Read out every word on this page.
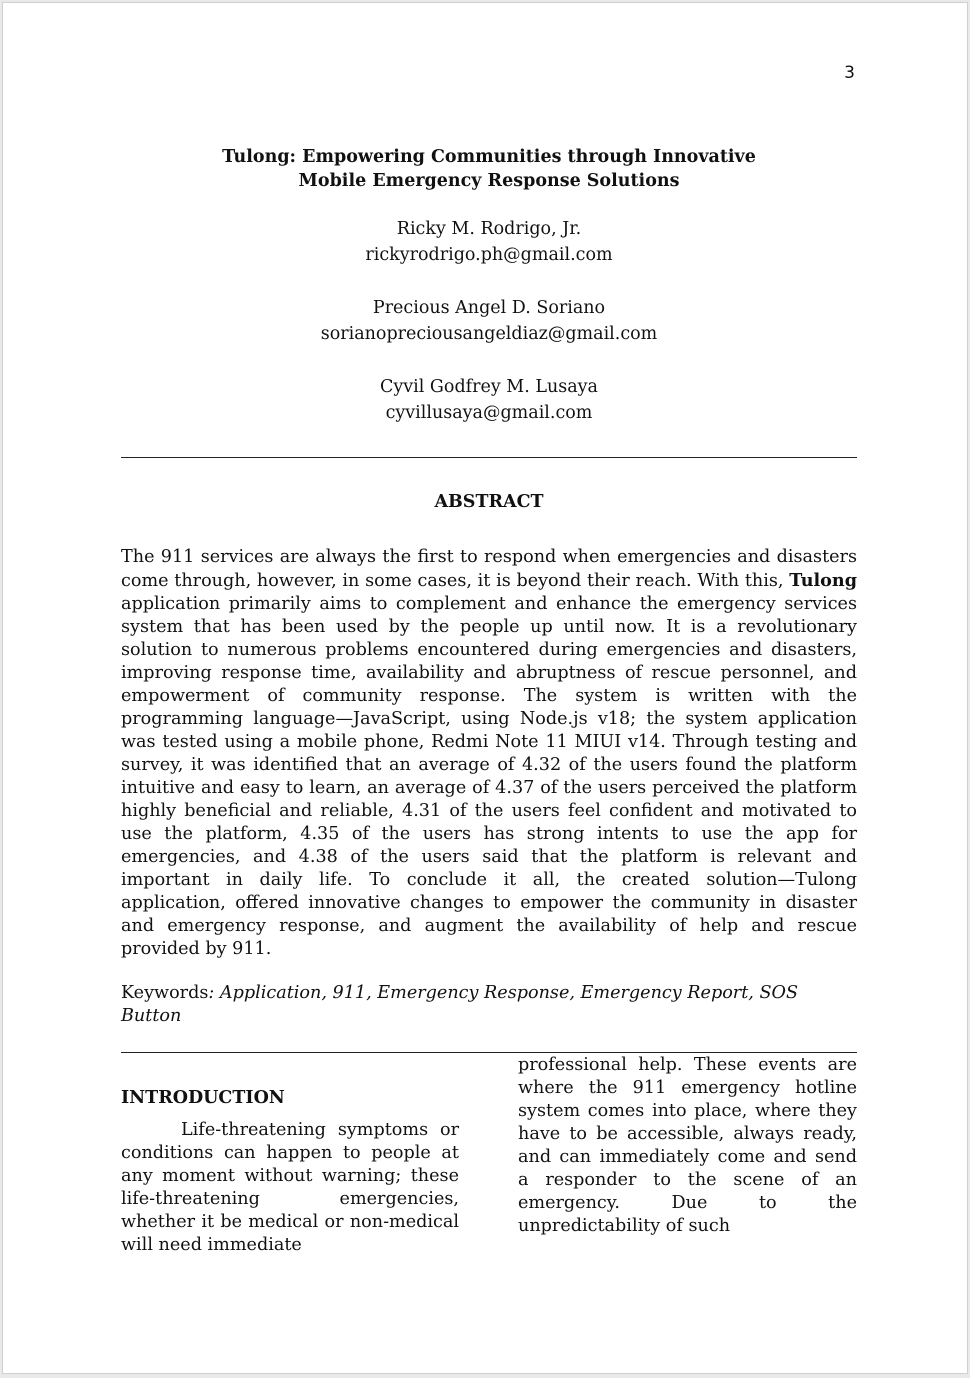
3
Tulong: Empowering Communities through Innovative
Mobile Emergency Response Solutions
Ricky M. Rodrigo, Jr.
rickyrodrigo.ph@gmail.com
Precious Angel D. Soriano
sorianopreciousangeldiaz@gmail.com
Cyvil Godfrey M. Lusaya
cyvillusaya@gmail.com
ABSTRACT
The 911 services are always the first to respond when emergencies and disasters come through, however, in some cases, it is beyond their reach. With this, Tulong application primarily aims to complement and enhance the emergency services system that has been used by the people up until now. It is a revolutionary solution to numerous problems encountered during emergencies and disasters, improving response time, availability and abruptness of rescue personnel, and empowerment of community response. The system is written with the programming language—JavaScript, using Node.js v18; the system application was tested using a mobile phone, Redmi Note 11 MIUI v14. Through testing and survey, it was identified that an average of 4.32 of the users found the platform intuitive and easy to learn, an average of 4.37 of the users perceived the platform highly beneficial and reliable, 4.31 of the users feel confident and motivated to use the platform, 4.35 of the users has strong intents to use the app for emergencies, and 4.38 of the users said that the platform is relevant and important in daily life. To conclude it all, the created solution—Tulong application, offered innovative changes to empower the community in disaster and emergency response, and augment the availability of help and rescue provided by 911.
Keywords: Application, 911, Emergency Response, Emergency Report, SOS Button
INTRODUCTION
Life-threatening symptoms or conditions can happen to people at any moment without warning; these life-threatening emergencies, whether it be medical or non-medical will need immediate
professional help. These events are where the 911 emergency hotline system comes into place, where they have to be accessible, always ready, and can immediately come and send a responder to the scene of an emergency. Due to the unpredictability of such
